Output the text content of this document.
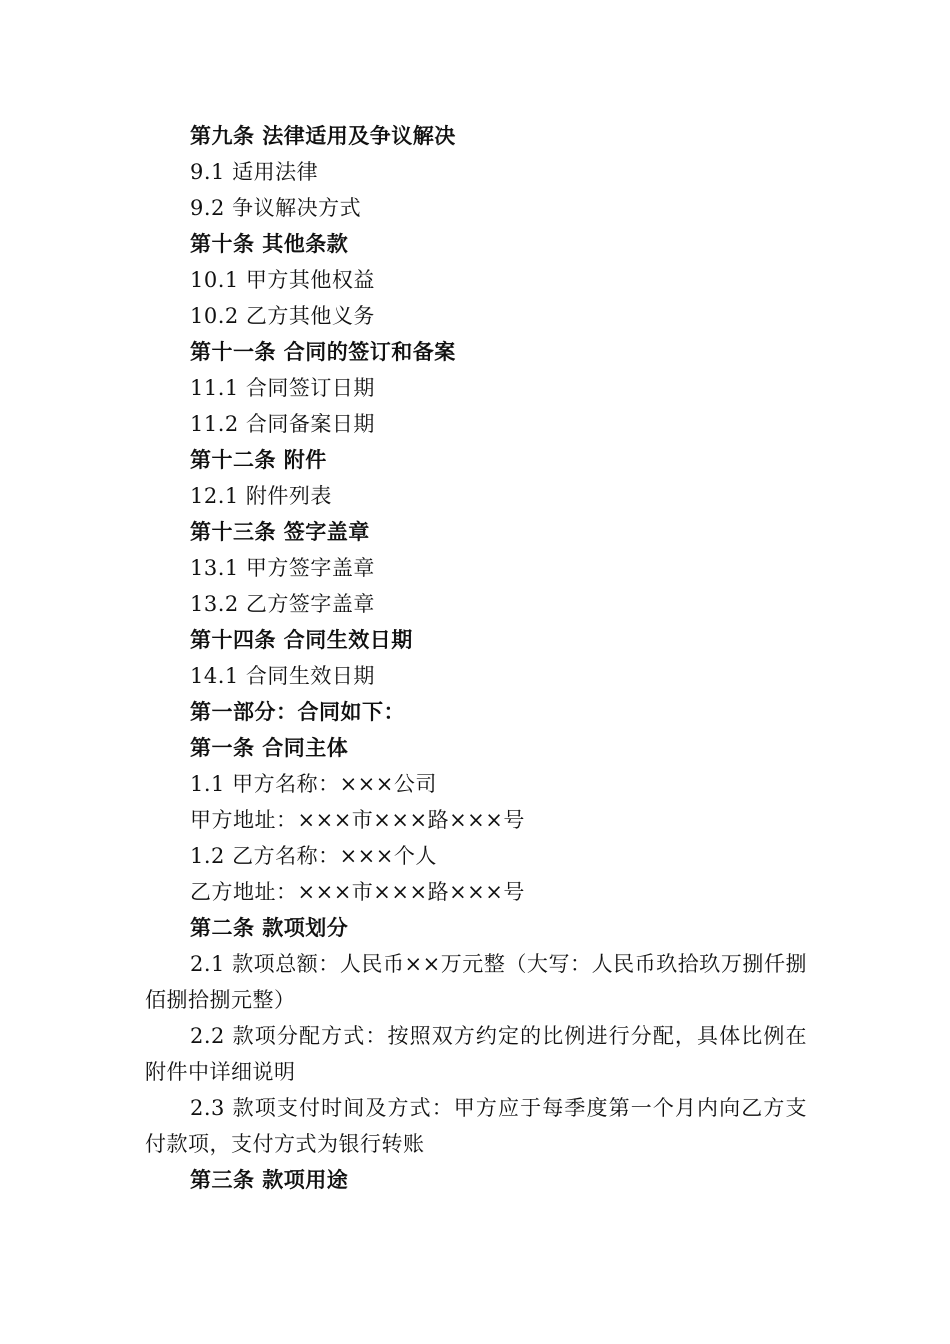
第九条 法律适用及争议解决
9.1 适用法律
9.2 争议解决方式
第十条 其他条款
10.1 甲方其他权益
10.2 乙方其他义务
第十一条 合同的签订和备案
11.1 合同签订日期
11.2 合同备案日期
第十二条 附件
12.1 附件列表
第十三条 签字盖章
13.1 甲方签字盖章
13.2 乙方签字盖章
第十四条 合同生效日期
14.1 合同生效日期
第一部分：合同如下：
第一条 合同主体
1.1 甲方名称：×××公司
甲方地址：×××市×××路×××号
1.2 乙方名称：×××个人
乙方地址：×××市×××路×××号
第二条 款项划分
2.1 款项总额：人民币××万元整（大写：人民币玖拾玖万捌仟捌佰捌拾捌元整）
2.2 款项分配方式：按照双方约定的比例进行分配，具体比例在附件中详细说明
2.3 款项支付时间及方式：甲方应于每季度第一个月内向乙方支付款项，支付方式为银行转账
第三条 款项用途
